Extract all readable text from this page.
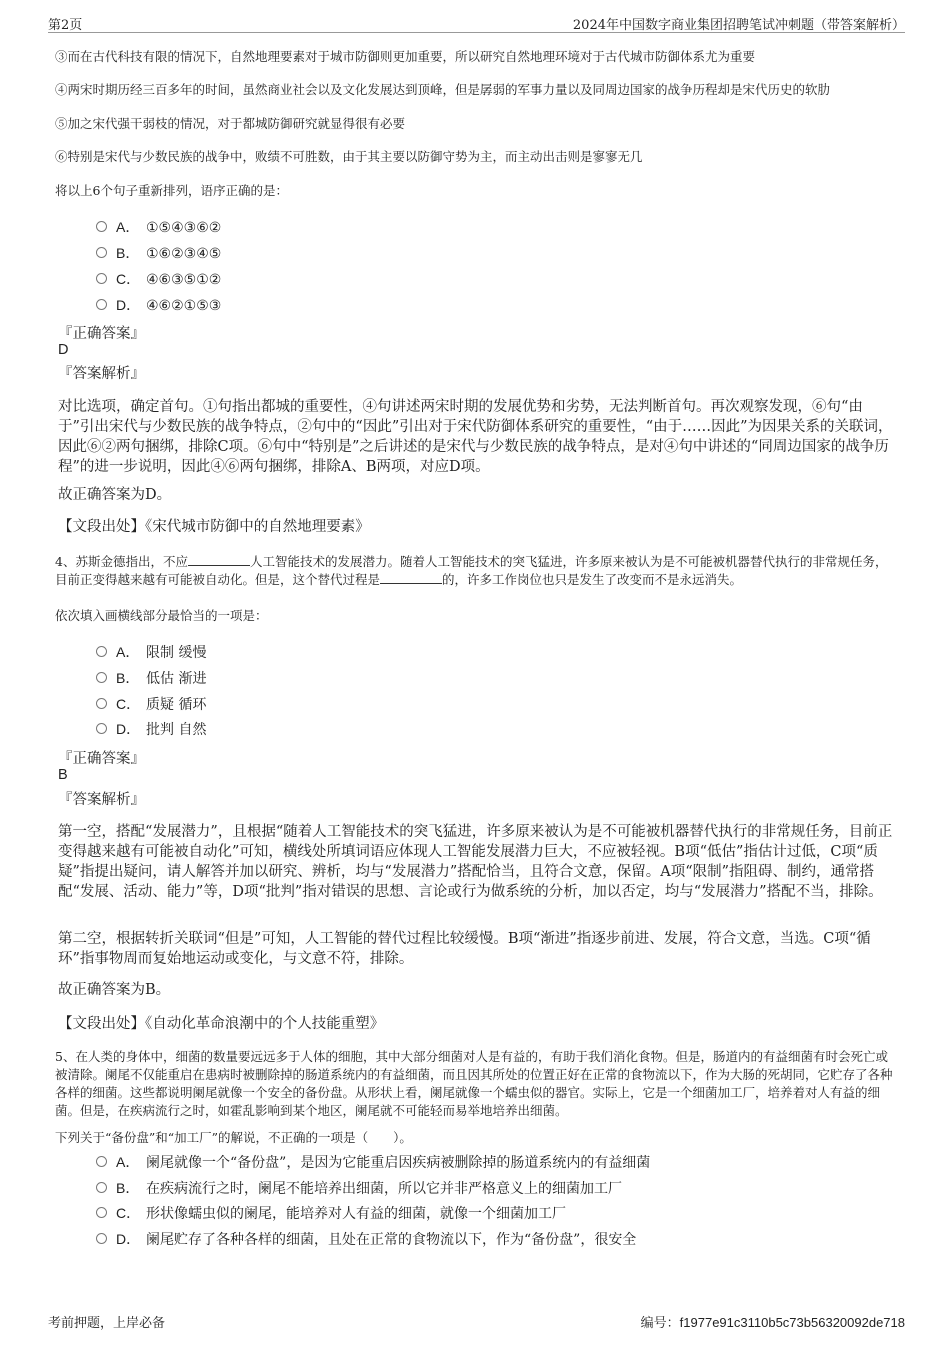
第2页	2024年中国数字商业集团招聘笔试冲刺题（带答案解析）
③而在古代科技有限的情况下，自然地理要素对于城市防御则更加重要，所以研究自然地理环境对于古代城市防御体系尤为重要
④两宋时期历经三百多年的时间，虽然商业社会以及文化发展达到顶峰，但是孱弱的军事力量以及同周边国家的战争历程却是宋代历史的软肋
⑤加之宋代强干弱枝的情况，对于都城防御研究就显得很有必要
⑥特别是宋代与少数民族的战争中，败绩不可胜数，由于其主要以防御守势为主，而主动出击则是寥寥无几
将以上6个句子重新排列，语序正确的是：
A． ①⑤④③⑥②
B． ①⑥②③④⑤
C． ④⑥③⑤①②
D． ④⑥②①⑤③
『正确答案』
D
『答案解析』
对比选项，确定首句。①句指出都城的重要性，④句讲述两宋时期的发展优势和劣势，无法判断首句。再次观察发现，⑥句“由于”引出宋代与少数民族的战争特点，②句中的“因此”引出对于宋代防御体系研究的重要性，“由于……因此”为因果关系的关联词，因此⑥②两句捆绑，排除C项。⑥句中“特别是”之后讲述的是宋代与少数民族的战争特点，是对④句中讲述的“同周边国家的战争历程”的进一步说明，因此④⑥两句捆绑，排除A、B两项，对应D项。
故正确答案为D。
【文段出处】《宋代城市防御中的自然地理要素》
4、苏斯金德指出，不应	人工智能技术的发展潜力。随着人工智能技术的突飞猛进，许多原来被认为是不可能被机器替代执行的非常规任务，目前正变得越来越有可能被自动化。但是，这个替代过程是	的，许多工作岗位也只是发生了改变而不是永远消失。
依次填入画横线部分最恰当的一项是：
A． 限制 缓慢
B． 低估 渐进
C． 质疑 循环
D． 批判 自然
『正确答案』
B
『答案解析』
第一空，搭配“发展潜力”，且根据“随着人工智能技术的突飞猛进，许多原来被认为是不可能被机器替代执行的非常规任务，目前正变得越来越有可能被自动化”可知，横线处所填词语应体现人工智能发展潜力巨大，不应被轻视。B项“低估”指估计过低，C项“质疑”指提出疑问，请人解答并加以研究、辨析，均与“发展潜力”搭配恰当，且符合文意，保留。A项“限制”指阻碍、制约，通常搭配“发展、活动、能力”等，D项“批判”指对错误的思想、言论或行为做系统的分析，加以否定，均与“发展潜力”搭配不当，排除。
第二空，根据转折关联词“但是”可知，人工智能的替代过程比较缓慢。B项“渐进”指逐步前进、发展，符合文意，当选。C项“循环”指事物周而复始地运动或变化，与文意不符，排除。
故正确答案为B。
【文段出处】《自动化革命浪潮中的个人技能重塑》
5、在人类的身体中，细菌的数量要远远多于人体的细胞，其中大部分细菌对人是有益的，有助于我们消化食物。但是，肠道内的有益细菌有时会死亡或被清除。阑尾不仅能重启在患病时被删除掉的肠道系统内的有益细菌，而且因其所处的位置正好在正常的食物流以下，作为大肠的死胡同，它贮存了各种各样的细菌。这些都说明阑尾就像一个安全的备份盘。从形状上看，阑尾就像一个蠕虫似的器官。实际上，它是一个细菌加工厂，培养着对人有益的细菌。但是，在疾病流行之时，如霍乱影响到某个地区，阑尾就不可能轻而易举地培养出细菌。
下列关于“备份盘”和“加工厂”的解说，不正确的一项是（　　）。
A． 阑尾就像一个“备份盘”，是因为它能重启因疾病被删除掉的肠道系统内的有益细菌
B． 在疾病流行之时，阑尾不能培养出细菌，所以它并非严格意义上的细菌加工厂
C． 形状像蠕虫似的阑尾，能培养对人有益的细菌，就像一个细菌加工厂
D． 阑尾贮存了各种各样的细菌，且处在正常的食物流以下，作为“备份盘”，很安全
考前押题，上岸必备	编号：f1977e91c3110b5c73b56320092de718
